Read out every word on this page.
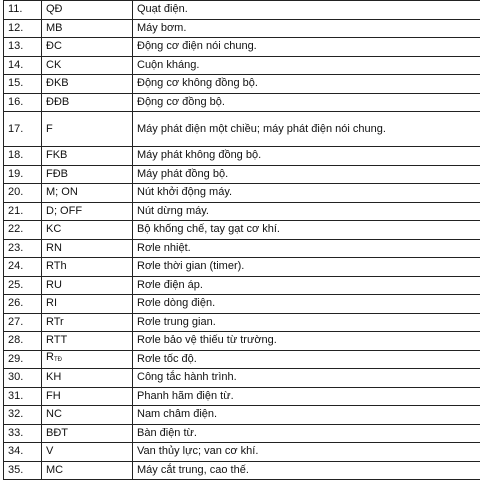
11.	QĐ	Quạt điện.
12.	MB	Máy bơm.
13.	ĐC	Động cơ điện nói chung.
14.	CK	Cuộn kháng.
15.	ĐKB	Động cơ không đồng bộ.
16.	ĐĐB	Động cơ đồng bộ.
17.	F	Máy phát điện một chiều; máy phát điện nói chung.
18.	FKB	Máy phát không đồng bộ.
19.	FĐB	Máy phát đồng bộ.
20.	M; ON	Nút khởi động máy.
21.	D; OFF	Nút dừng máy.
22.	KC	Bộ khống chế, tay gạt cơ khí.
23.	RN	Rơle nhiệt.
24.	RTh	Rơle thời gian (timer).
25.	RU	Rơle điện áp.
26.	RI	Rơle dòng điện.
27.	RTr	Rơle trung gian.
28.	RTT	Rơle bảo vệ thiếu từ trường.
29.	RTĐ	Rơle tốc độ.
30.	KH	Công tắc hành trình.
31.	FH	Phanh hãm điện từ.
32.	NC	Nam châm điện.
33.	BĐT	Bàn điện từ.
34.	V	Van thủy lực; van cơ khí.
35.	MC	Máy cắt trung, cao thế.
